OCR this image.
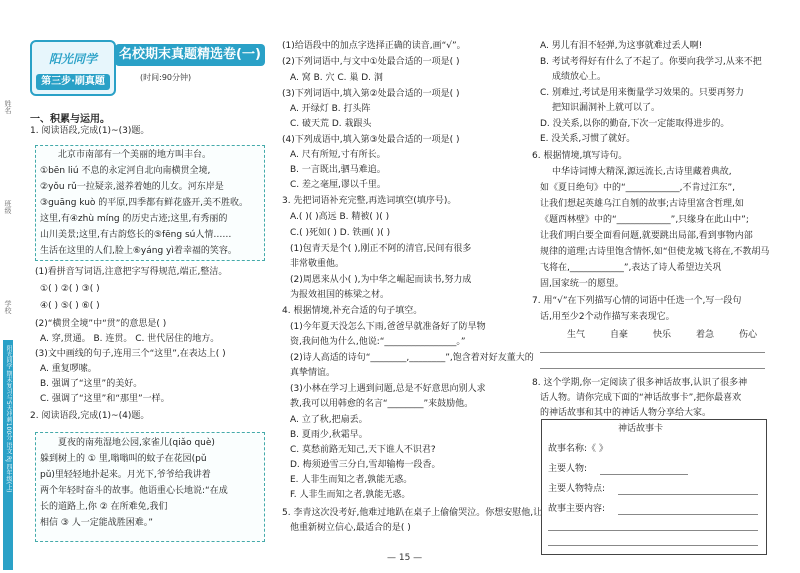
姓名
班级
学校
阳光同学 期末复习与5天冲刺100分 语文 RJ 四年级(上)
阳光同学
第三步·刷真题
名校期末真题精选卷(一)
(时间:90分钟)
一、积累与运用。
1. 阅读语段,完成(1)~(3)题。
北京市南部有一个美丽的地方叫丰台。
①bēn liú 不息的永定河自北向南横贯全境,
②yǒu rǔ一拉疑亲,滋养着她的儿女。河东岸是
③guāng kuò 的平原,四季都有鲜花盛开,美不胜收。
这里,有④zhù míng 的历史古迹;这里,有秀丽的
山川美景;这里,有古韵悠长的⑤fēng sú人情……
生活在这里的人们,脸上⑥yáng yì着幸福的笑容。
(1)看拼音写词语,注意把字写得规范,端正,整洁。
①( ) ②( ) ③( )
④( ) ⑤( ) ⑥( )
(2)“横贯全境”中“贯”的意思是( )
A. 穿,贯通。 B. 连贯。 C. 世代居住的地方。
(3)文中画线的句子,连用三个“这里”,在表达上( )
A. 重复啰嗦。
B. 强调了“这里”的美好。
C. 强调了“这里”和“那里”一样。
2. 阅读语段,完成(1)~(4)题。
夏夜的南苑湿地公园,家雀儿(qiǎo què)
躲到树上的 ① 里,嗡嗡叫的蚊子在花园(pǔ
pǔ)里轻轻地扑起来。月光下,爷爷给我讲着
两个年轻时奋斗的故事。他语重心长地说:“在成
长的道路上,你 ② 在所难免,我们
相信 ③ 人一定能战胜困难。”
(1)给语段中的加点字选择正确的读音,画“√”。
(2)下列词语中,与文中①处最合适的一项是( )
A. 窝 B. 穴 C. 巢 D. 洞
(3)下列词语中,填入第②处最合适的一项是( )
A. 开绿灯 B. 打头阵
C. 破天荒 D. 栽跟头
(4)下列成语中,填入第③处最合适的一项是( )
A. 尺有所短,寸有所长。
B. 一言既出,驷马难追。
C. 差之毫厘,谬以千里。
3. 先把词语补充完整,再选词填空(填序号)。
A.( )( )高远 B. 精被( )( )
C.( )死如( ) D. 铁画( )( )
(1)包青天是个( ),刚正不阿的清官,民间有很多
非常敬重他。
(2)周恩来从小( ),为中华之崛起而读书,努力成
为报效祖国的栋梁之材。
4. 根据情境,补充合适的句子填空。
(1)今年夏天没怎么下雨,爸爸早就准备好了防旱物
资,我问他为什么,他说:“________________。”
(2)诗人高适的诗句“________,________”,饱含着对好友董大的
真挚情谊。
(3)小林在学习上遇到问题,总是不好意思向别人求
教,我可以用韩愈的名言“________”来鼓励他。
A. 立了秋,把扇丢。
B. 夏雨少,秋霜早。
C. 莫愁前路无知己,天下谁人不识君?
D. 梅须逊雪三分白,雪却输梅一段香。
E. 人非生而知之者,孰能无惑。
F. 人非生而知之者,孰能无惑。
5. 李青这次没考好,他难过地趴在桌子上偷偷哭泣。你想安慰他,让
他重新树立信心,最适合的是( )
A. 男儿有泪不轻弹,为这事就难过丢人啊!
B. 考试考得好有什么了不起了。你要向我学习,从来不把
成绩放心上。
C. 别难过,考试是用来衡量学习效果的。只要再努力
把知识漏洞补上就可以了。
D. 没关系,以你的勤奋,下次一定能取得进步的。
E. 没关系,习惯了就好。
6. 根据情境,填写诗句。
中华诗词博大精深,源远流长,古诗里藏着典故,
如《夏日绝句》中的“____________,不肯过江东”,
让我们想起英雄乌江自刎的故事;古诗里富含哲理,如
《题西林壁》中的“____________”,只缘身在此山中”;
让我们明白要全面看问题,就要跳出局部,看到事物内部
规律的道理;古诗里饱含情怀,如“但使龙城飞将在,不教胡马
飞将在,____________”,表达了诗人希望边关巩
固,国家统一的愿望。
7. 用“√”在下列描写心情的词语中任选一个,写一段句
话,用至少2个动作描写来表现它。
生气	自豪	快乐	着急	伤心
8. 这个学期,你一定阅读了很多神话故事,认识了很多神
话人物。请你完成下面的“神话故事卡”,把你最喜欢
的神话故事和其中的神话人物分享给大家。
神话故事卡
故事名称:《 》
主要人物:
主要人物特点:
故事主要内容:
— 15 —
